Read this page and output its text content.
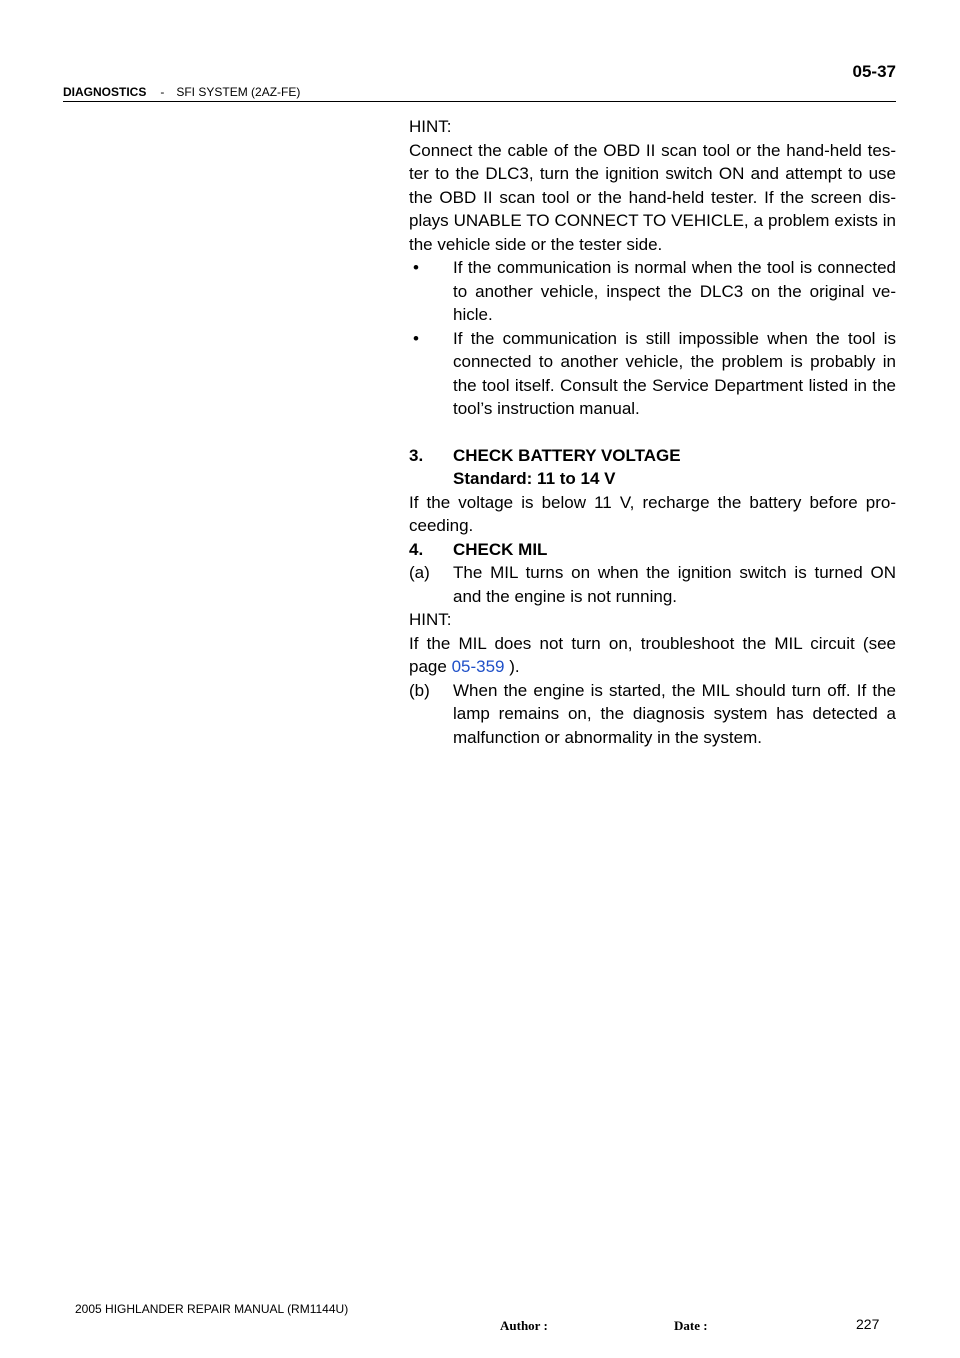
05-37
DIAGNOSTICS - SFI SYSTEM (2AZ-FE)

HINT:

Connect the cable of the OBD II scan tool or the hand-held tes-ter to the DLC3, turn the ignition switch ON and attempt to use the OBD II scan tool or the hand-held tester. If the screen dis-plays UNABLE TO CONNECT TO VEHICLE, a problem exists in the vehicle side or the tester side.

• If the communication is normal when the tool is connected to another vehicle, inspect the DLC3 on the original ve-hicle.
• If the communication is still impossible when the tool is connected to another vehicle, the problem is probably in the tool itself. Consult the Service Department listed in the tool’s instruction manual.
3. CHECK BATTERY VOLTAGE

Standard: 11 to 14 V

If the voltage is below 11 V, recharge the battery before pro-ceeding.

4. CHECK MIL
(a) The MIL turns on when the ignition switch is turned ON and the engine is not running.

HINT:

If the MIL does not turn on, troubleshoot the MIL circuit (see page 05-359 ).

(b) When the engine is started, the MIL should turn off. If the lamp remains on, the diagnosis system has detected a malfunction or abnormality in the system.

2005 HIGHLANDER REPAIR MANUAL (RM1144U)
Author :	Date :	227
